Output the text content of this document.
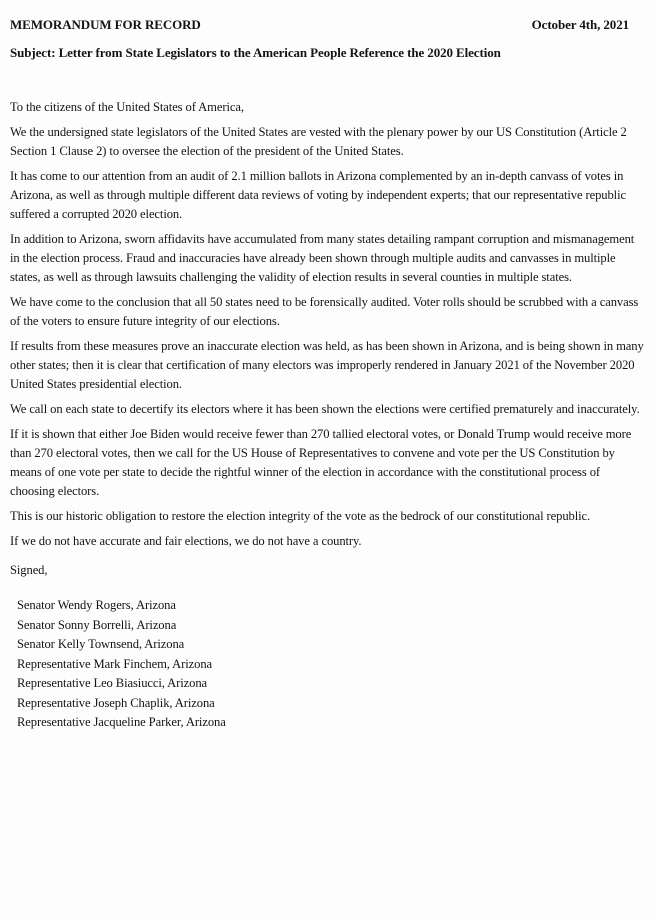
MEMORANDUM FOR RECORD	October 4th, 2021
Subject: Letter from State Legislators to the American People Reference the 2020 Election
To the citizens of the United States of America,

We the undersigned state legislators of the United States are vested with the plenary power by our US Constitution (Article 2 Section 1 Clause 2) to oversee the election of the president of the United States.

It has come to our attention from an audit of 2.1 million ballots in Arizona complemented by an in-depth canvass of votes in Arizona, as well as through multiple different data reviews of voting by independent experts; that our representative republic suffered a corrupted 2020 election.

In addition to Arizona, sworn affidavits have accumulated from many states detailing rampant corruption and mismanagement in the election process. Fraud and inaccuracies have already been shown through multiple audits and canvasses in multiple states, as well as through lawsuits challenging the validity of election results in several counties in multiple states.

We have come to the conclusion that all 50 states need to be forensically audited. Voter rolls should be scrubbed with a canvass of the voters to ensure future integrity of our elections.

If results from these measures prove an inaccurate election was held, as has been shown in Arizona, and is being shown in many other states; then it is clear that certification of many electors was improperly rendered in January 2021 of the November 2020 United States presidential election.

We call on each state to decertify its electors where it has been shown the elections were certified prematurely and inaccurately.

If it is shown that either Joe Biden would receive fewer than 270 tallied electoral votes, or Donald Trump would receive more than 270 electoral votes, then we call for the US House of Representatives to convene and vote per the US Constitution by means of one vote per state to decide the rightful winner of the election in accordance with the constitutional process of choosing electors.

This is our historic obligation to restore the election integrity of the vote as the bedrock of our constitutional republic.

If we do not have accurate and fair elections, we do not have a country.

Signed,
Senator Wendy Rogers, Arizona
Senator Sonny Borrelli, Arizona
Senator Kelly Townsend, Arizona
Representative Mark Finchem, Arizona
Representative Leo Biasiucci, Arizona
Representative Joseph Chaplik, Arizona
Representative Jacqueline Parker, Arizona
